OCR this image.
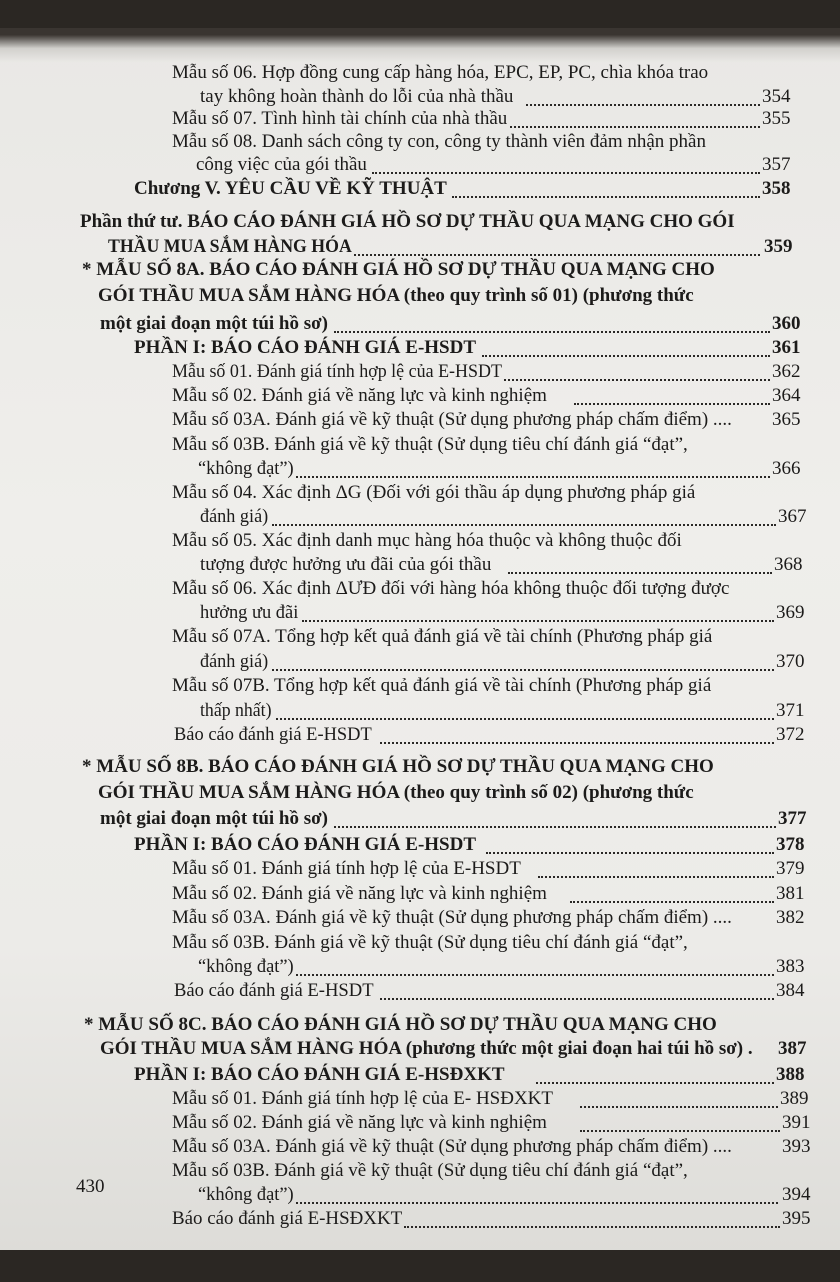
Mẫu số 06. Hợp đồng cung cấp hàng hóa, EPC, EP, PC, chìa khóa trao
tay không hoàn thành do lỗi của nhà thầu	354
Mẫu số 07. Tình hình tài chính của nhà thầu	355
Mẫu số 08. Danh sách công ty con, công ty thành viên đảm nhận phần
công việc của gói thầu	357
Chương V. YÊU CẦU VỀ KỸ THUẬT	358
Phần thứ tư. BÁO CÁO ĐÁNH GIÁ HỒ SƠ DỰ THẦU QUA MẠNG CHO GÓI
THẦU MUA SẮM HÀNG HÓA	359
* MẪU SỐ 8A. BÁO CÁO ĐÁNH GIÁ HỒ SƠ DỰ THẦU QUA MẠNG CHO
GÓI THẦU MUA SẮM HÀNG HÓA (theo quy trình số 01) (phương thức
một giai đoạn một túi hồ sơ)	360
PHẦN I: BÁO CÁO ĐÁNH GIÁ E-HSDT	361
Mẫu số 01. Đánh giá tính hợp lệ của E-HSDT	362
Mẫu số 02. Đánh giá về năng lực và kinh nghiệm	364
Mẫu số 03A. Đánh giá về kỹ thuật (Sử dụng phương pháp chấm điểm) .... 365
Mẫu số 03B. Đánh giá về kỹ thuật (Sử dụng tiêu chí đánh giá “đạt”,
“không đạt”)	366
Mẫu số 04. Xác định ΔG (Đối với gói thầu áp dụng phương pháp giá
đánh giá)	367
Mẫu số 05. Xác định danh mục hàng hóa thuộc và không thuộc đối
tượng được hưởng ưu đãi của gói thầu	368
Mẫu số 06. Xác định ΔƯĐ đối với hàng hóa không thuộc đối tượng được
hưởng ưu đãi	369
Mẫu số 07A. Tổng hợp kết quả đánh giá về tài chính (Phương pháp giá
đánh giá)	370
Mẫu số 07B. Tổng hợp kết quả đánh giá về tài chính (Phương pháp giá
thấp nhất)	371
Báo cáo đánh giá E-HSDT	372
* MẪU SỐ 8B. BÁO CÁO ĐÁNH GIÁ HỒ SƠ DỰ THẦU QUA MẠNG CHO
GÓI THẦU MUA SẮM HÀNG HÓA (theo quy trình số 02) (phương thức
một giai đoạn một túi hồ sơ)	377
PHẦN I: BÁO CÁO ĐÁNH GIÁ E-HSDT	378
Mẫu số 01. Đánh giá tính hợp lệ của E-HSDT	379
Mẫu số 02. Đánh giá về năng lực và kinh nghiệm	381
Mẫu số 03A. Đánh giá về kỹ thuật (Sử dụng phương pháp chấm điểm) .... 382
Mẫu số 03B. Đánh giá về kỹ thuật (Sử dụng tiêu chí đánh giá “đạt”,
“không đạt”)	383
Báo cáo đánh giá E-HSDT	384
* MẪU SỐ 8C. BÁO CÁO ĐÁNH GIÁ HỒ SƠ DỰ THẦU QUA MẠNG CHO
GÓI THẦU MUA SẮM HÀNG HÓA (phương thức một giai đoạn hai túi hồ sơ) . 387
PHẦN I: BÁO CÁO ĐÁNH GIÁ E-HSĐXKT	388
Mẫu số 01. Đánh giá tính hợp lệ của E- HSĐXKT	389
Mẫu số 02. Đánh giá về năng lực và kinh nghiệm	391
Mẫu số 03A. Đánh giá về kỹ thuật (Sử dụng phương pháp chấm điểm) ....	393
Mẫu số 03B. Đánh giá về kỹ thuật (Sử dụng tiêu chí đánh giá “đạt”,
“không đạt”)	394
Báo cáo đánh giá E-HSĐXKT	395
430
